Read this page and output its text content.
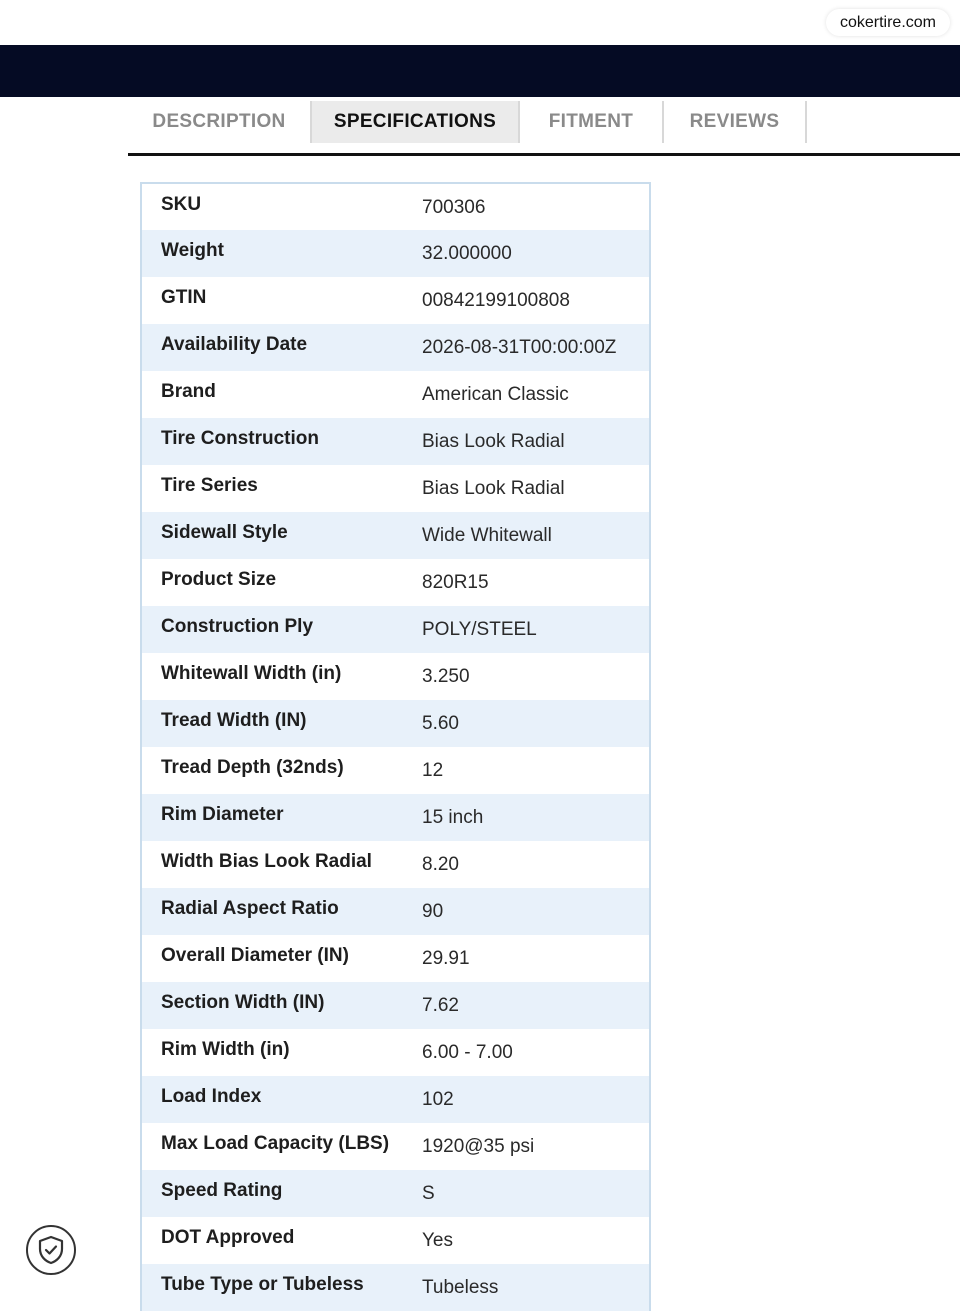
cokertire.com
DESCRIPTION	SPECIFICATIONS	FITMENT	REVIEWS
SKU	700306
Weight	32.000000
GTIN	00842199100808
Availability Date	2026-08-31T00:00:00Z
Brand	American Classic
Tire Construction	Bias Look Radial
Tire Series	Bias Look Radial
Sidewall Style	Wide Whitewall
Product Size	820R15
Construction Ply	POLY/STEEL
Whitewall Width (in)	3.250
Tread Width (IN)	5.60
Tread Depth (32nds)	12
Rim Diameter	15 inch
Width Bias Look Radial	8.20
Radial Aspect Ratio	90
Overall Diameter (IN)	29.91
Section Width (IN)	7.62
Rim Width (in)	6.00 - 7.00
Load Index	102
Max Load Capacity (LBS)	1920@35 psi
Speed Rating	S
DOT Approved	Yes
Tube Type or Tubeless	Tubeless
